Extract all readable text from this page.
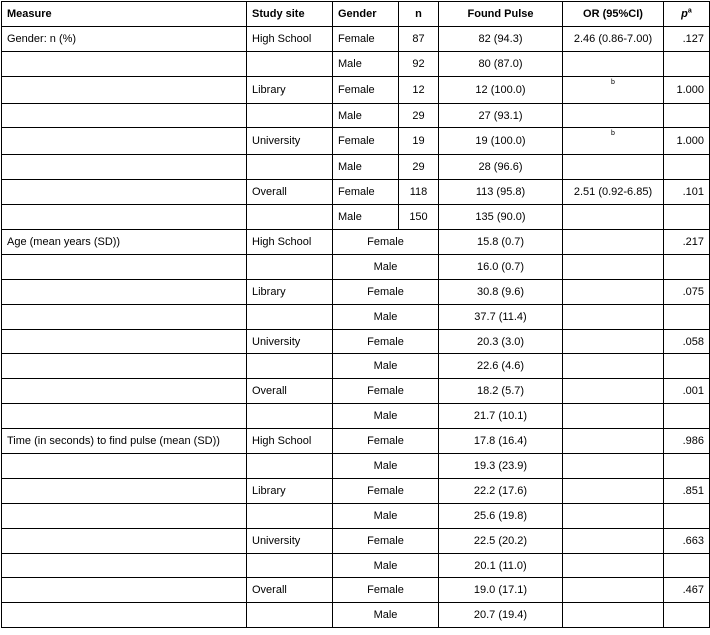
Measure	Study site	Gender	n	Found Pulse	OR (95%CI)	$p^a$
Gender: n (%)	High School	Female	87	82 (94.3)	2.46 (0.86-7.00)	.127
		Male	92	80 (87.0)		
	Library	Female	12	12 (100.0)	b	1.000
		Male	29	27 (93.1)		
	University	Female	19	19 (100.0)	b	1.000
		Male	29	28 (96.6)		
	Overall	Female	118	113 (95.8)	2.51 (0.92-6.85)	.101
		Male	150	135 (90.0)		
Age (mean years (SD))	High School	Female		15.8 (0.7)		.217
		Male		16.0 (0.7)		
	Library	Female		30.8 (9.6)		.075
		Male		37.7 (11.4)		
	University	Female		20.3 (3.0)		.058
		Male		22.6 (4.6)		
	Overall	Female		18.2 (5.7)		.001
		Male		21.7 (10.1)		
Time (in seconds) to find pulse (mean (SD))	High School	Female		17.8 (16.4)		.986
		Male		19.3 (23.9)		
	Library	Female		22.2 (17.6)		.851
		Male		25.6 (19.8)		
	University	Female		22.5 (20.2)		.663
		Male		20.1 (11.0)		
	Overall	Female		19.0 (17.1)		.467
		Male		20.7 (19.4)		
